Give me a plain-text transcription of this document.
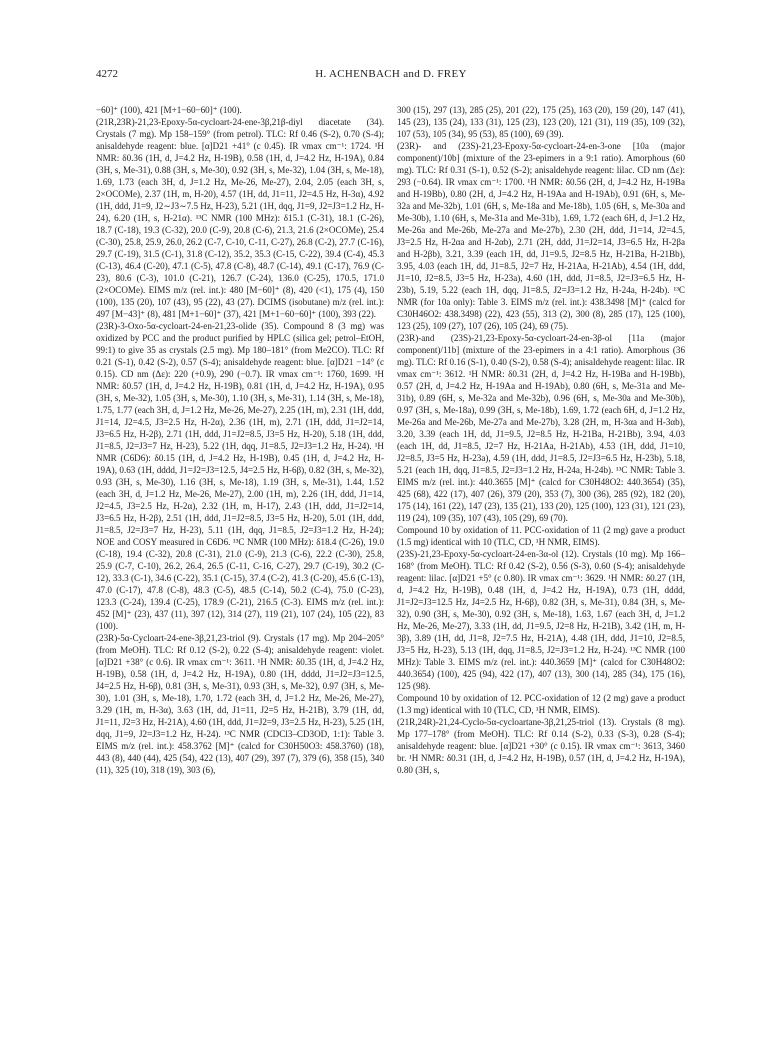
4272	H. ACHENBACH and D. FREY

−60]⁺ (100), 421 [M+1−60−60]⁺ (100).

(21R,23R)-21,23-Epoxy-5α-cycloart-24-ene-3β,21β-diyl diacetate (34). Crystals (7 mg). Mp 158–159° (from petrol). TLC: Rf 0.46 (S-2), 0.70 (S-4); anisaldehyde reagent: blue. [α]D21 +41° (c 0.45). IR νmax cm⁻¹: 1724. ¹H NMR: δ0.36 (1H, d, J=4.2 Hz, H-19B), 0.58 (1H, d, J=4.2 Hz, H-19A), 0.84 (3H, s, Me-31), 0.88 (3H, s, Me-30), 0.92 (3H, s, Me-32), 1.04 (3H, s, Me-18), 1.69, 1.73 (each 3H, d, J=1.2 Hz, Me-26, Me-27), 2.04, 2.05 (each 3H, s, 2×OCOMe), 2.37 (1H, m, H-20), 4.57 (1H, dd, J1=11, J2=4.5 Hz, H-3α), 4.92 (1H, ddd, J1=9, J2∼J3∼7.5 Hz, H-23), 5.21 (1H, dqq, J1=9, J2=J3=1.2 Hz, H-24), 6.20 (1H, s, H-21α). ¹³C NMR (100 MHz): δ15.1 (C-31), 18.1 (C-26), 18.7 (C-18), 19.3 (C-32), 20.0 (C-9), 20.8 (C-6), 21.3, 21.6 (2×OCOMe), 25.4 (C-30), 25.8, 25.9, 26.0, 26.2 (C-7, C-10, C-11, C-27), 26.8 (C-2), 27.7 (C-16), 29.7 (C-19), 31.5 (C-1), 31.8 (C-12), 35.2, 35.3 (C-15, C-22), 39.4 (C-4), 45.3 (C-13), 46.4 (C-20), 47.1 (C-5), 47.8 (C-8), 48.7 (C-14), 49.1 (C-17), 76.9 (C-23), 80.6 (C-3), 101.0 (C-21), 126.7 (C-24), 136.0 (C-25), 170.5, 171.0 (2×OCOMe). EIMS m/z (rel. int.): 480 [M−60]⁺ (8), 420 (<1), 175 (4), 150 (100), 135 (20), 107 (43), 95 (22), 43 (27). DCIMS (isobutane) m/z (rel. int.): 497 [M−43]⁺ (8), 481 [M+1−60]⁺ (37), 421 [M+1−60−60]⁺ (100), 393 (22).

(23R)-3-Oxo-5α-cycloart-24-en-21,23-olide (35). Compound 8 (3 mg) was oxidized by PCC and the product purified by HPLC (silica gel; petrol–EtOH, 99:1) to give 35 as crystals (2.5 mg). Mp 180–181° (from Me2CO). TLC: Rf 0.21 (S-1), 0.42 (S-2), 0.57 (S-4); anisaldehyde reagent: blue. [α]D21 −14° (c 0.15). CD nm (Δε): 220 (+0.9), 290 (−0.7). IR νmax cm⁻¹: 1760, 1699. ¹H NMR: δ0.57 (1H, d, J=4.2 Hz, H-19B), 0.81 (1H, d, J=4.2 Hz, H-19A), 0.95 (3H, s, Me-32), 1.05 (3H, s, Me-30), 1.10 (3H, s, Me-31), 1.14 (3H, s, Me-18), 1.75, 1.77 (each 3H, d, J=1.2 Hz, Me-26, Me-27), 2.25 (1H, m), 2.31 (1H, ddd, J1=14, J2=4.5, J3=2.5 Hz, H-2α), 2.36 (1H, m), 2.71 (1H, ddd, J1=J2=14, J3=6.5 Hz, H-2β), 2.71 (1H, ddd, J1=J2=8.5, J3=5 Hz, H-20), 5.18 (1H, ddd, J1=8.5, J2=J3=7 Hz, H-23), 5.22 (1H, dqq, J1=8.5, J2=J3=1.2 Hz, H-24). ¹H NMR (C6D6): δ0.15 (1H, d, J=4.2 Hz, H-19B), 0.45 (1H, d, J=4.2 Hz, H-19A), 0.63 (1H, dddd, J1=J2=J3=12.5, J4=2.5 Hz, H-6β), 0.82 (3H, s, Me-32), 0.93 (3H, s, Me-30), 1.16 (3H, s, Me-18), 1.19 (3H, s, Me-31), 1.44, 1.52 (each 3H, d, J=1.2 Hz, Me-26, Me-27), 2.00 (1H, m), 2.26 (1H, ddd, J1=14, J2=4.5, J3=2.5 Hz, H-2α), 2.32 (1H, m, H-17), 2.43 (1H, ddd, J1=J2=14, J3=6.5 Hz, H-2β), 2.51 (1H, ddd, J1=J2=8.5, J3=5 Hz, H-20), 5.01 (1H, ddd, J1=8.5, J2=J3=7 Hz, H-23), 5.11 (1H, dqq, J1=8.5, J2=J3=1.2 Hz, H-24); NOE and COSY measured in C6D6. ¹³C NMR (100 MHz): δ18.4 (C-26), 19.0 (C-18), 19.4 (C-32), 20.8 (C-31), 21.0 (C-9), 21.3 (C-6), 22.2 (C-30), 25.8, 25.9 (C-7, C-10), 26.2, 26.4, 26.5 (C-11, C-16, C-27), 29.7 (C-19), 30.2 (C-12), 33.3 (C-1), 34.6 (C-22), 35.1 (C-15), 37.4 (C-2), 41.3 (C-20), 45.6 (C-13), 47.0 (C-17), 47.8 (C-8), 48.3 (C-5), 48.5 (C-14), 50.2 (C-4), 75.0 (C-23), 123.3 (C-24), 139.4 (C-25), 178.9 (C-21), 216.5 (C-3). EIMS m/z (rel. int.): 452 [M]⁺ (23), 437 (11), 397 (12), 314 (27), 119 (21), 107 (24), 105 (22), 83 (100).

(23R)-5α-Cycloart-24-ene-3β,21,23-triol (9). Crystals (17 mg). Mp 204–205° (from MeOH). TLC: Rf 0.12 (S-2), 0.22 (S-4); anisaldehyde reagent: violet. [α]D21 +38° (c 0.6). IR νmax cm⁻¹: 3611. ¹H NMR: δ0.35 (1H, d, J=4.2 Hz, H-19B), 0.58 (1H, d, J=4.2 Hz, H-19A), 0.80 (1H, dddd, J1=J2=J3=12.5, J4=2.5 Hz, H-6β), 0.81 (3H, s, Me-31), 0.93 (3H, s, Me-32), 0.97 (3H, s, Me-30), 1.01 (3H, s, Me-18), 1.70, 1.72 (each 3H, d, J=1.2 Hz, Me-26, Me-27), 3.29 (1H, m, H-3α), 3.63 (1H, dd, J1=11, J2=5 Hz, H-21B), 3.79 (1H, dd, J1=11, J2=3 Hz, H-21A), 4.60 (1H, ddd, J1=J2=9, J3=2.5 Hz, H-23), 5.25 (1H, dqq, J1=9, J2=J3=1.2 Hz, H-24). ¹³C NMR (CDCl3–CD3OD, 1:1): Table 3. EIMS m/z (rel. int.): 458.3762 [M]⁺ (calcd for C30H50O3: 458.3760) (18), 443 (8), 440 (44), 425 (54), 422 (13), 407 (29), 397 (7), 379 (6), 358 (15), 340 (11), 325 (10), 318 (19), 303 (6),

300 (15), 297 (13), 285 (25), 201 (22), 175 (25), 163 (20), 159 (20), 147 (41), 145 (23), 135 (24), 133 (31), 125 (23), 123 (20), 121 (31), 119 (35), 109 (32), 107 (53), 105 (34), 95 (53), 85 (100), 69 (39).

(23R)- and (23S)-21,23-Epoxy-5α-cycloart-24-en-3-one [10a (major component)/10b] (mixture of the 23-epimers in a 9:1 ratio). Amorphous (60 mg). TLC: Rf 0.31 (S-1), 0.52 (S-2); anisaldehyde reagent: lilac. CD nm (Δε): 293 (−0.64). IR νmax cm⁻¹: 1700. ¹H NMR: δ0.56 (2H, d, J=4.2 Hz, H-19Ba and H-19Bb), 0.80 (2H, d, J=4.2 Hz, H-19Aa and H-19Ab), 0.91 (6H, s, Me-32a and Me-32b), 1.01 (6H, s, Me-18a and Me-18b), 1.05 (6H, s, Me-30a and Me-30b), 1.10 (6H, s, Me-31a and Me-31b), 1.69, 1.72 (each 6H, d, J=1.2 Hz, Me-26a and Me-26b, Me-27a and Me-27b), 2.30 (2H, ddd, J1=14, J2=4.5, J3=2.5 Hz, H-2αa and H-2αb), 2.71 (2H, ddd, J1=J2=14, J3=6.5 Hz, H-2βa and H-2βb), 3.21, 3.39 (each 1H, dd, J1=9.5, J2=8.5 Hz, H-21Ba, H-21Bb), 3.95, 4.03 (each 1H, dd, J1=8.5, J2=7 Hz, H-21Aa, H-21Ab), 4.54 (1H, ddd, J1=10, J2=8.5, J3=5 Hz, H-23a), 4.60 (1H, ddd, J1=8.5, J2=J3=6.5 Hz, H-23b), 5.19, 5.22 (each 1H, dqq, J1=8.5, J2=J3=1.2 Hz, H-24a, H-24b). ¹³C NMR (for 10a only): Table 3. EIMS m/z (rel. int.): 438.3498 [M]⁺ (calcd for C30H46O2: 438.3498) (22), 423 (55), 313 (2), 300 (8), 285 (17), 125 (100), 123 (25), 109 (27), 107 (26), 105 (24), 69 (75).

(23R)-and (23S)-21,23-Epoxy-5α-cycloart-24-en-3β-ol [11a (major component)/11b] (mixture of the 23-epimers in a 4:1 ratio). Amorphous (36 mg). TLC: Rf 0.16 (S-1), 0.40 (S-2), 0.58 (S-4); anisaldehyde reagent: lilac. IR νmax cm⁻¹: 3612. ¹H NMR: δ0.31 (2H, d, J=4.2 Hz, H-19Ba and H-19Bb), 0.57 (2H, d, J=4.2 Hz, H-19Aa and H-19Ab), 0.80 (6H, s, Me-31a and Me-31b), 0.89 (6H, s, Me-32a and Me-32b), 0.96 (6H, s, Me-30a and Me-30b), 0.97 (3H, s, Me-18a), 0.99 (3H, s, Me-18b), 1.69, 1.72 (each 6H, d, J=1.2 Hz, Me-26a and Me-26b, Me-27a and Me-27b), 3.28 (2H, m, H-3αa and H-3αb), 3.20, 3.39 (each 1H, dd, J1=9.5, J2=8.5 Hz, H-21Ba, H-21Bb), 3.94, 4.03 (each 1H, dd, J1=8.5, J2=7 Hz, H-21Aa, H-21Ab), 4.53 (1H, ddd, J1=10, J2=8.5, J3=5 Hz, H-23a), 4.59 (1H, ddd, J1=8.5, J2=J3=6.5 Hz, H-23b), 5.18, 5.21 (each 1H, dqq, J1=8.5, J2=J3=1.2 Hz, H-24a, H-24b). ¹³C NMR: Table 3. EIMS m/z (rel. int.): 440.3655 [M]⁺ (calcd for C30H48O2: 440.3654) (35), 425 (68), 422 (17), 407 (26), 379 (20), 353 (7), 300 (36), 285 (92), 182 (20), 175 (14), 161 (22), 147 (23), 135 (21), 133 (20), 125 (100), 123 (31), 121 (23), 119 (24), 109 (35), 107 (43), 105 (29), 69 (70).

Compound 10 by oxidation of 11. PCC-oxidation of 11 (2 mg) gave a product (1.5 mg) identical with 10 (TLC, CD, ¹H NMR, EIMS).

(23S)-21,23-Epoxy-5α-cycloart-24-en-3α-ol (12). Crystals (10 mg). Mp 166–168° (from MeOH). TLC: Rf 0.42 (S-2), 0.56 (S-3), 0.60 (S-4); anisaldehyde reagent: lilac. [α]D21 +5° (c 0.80). IR νmax cm⁻¹: 3629. ¹H NMR: δ0.27 (1H, d, J=4.2 Hz, H-19B), 0.48 (1H, d, J=4.2 Hz, H-19A), 0.73 (1H, dddd, J1=J2=J3=12.5 Hz, J4=2.5 Hz, H-6β), 0.82 (3H, s, Me-31), 0.84 (3H, s, Me-32), 0.90 (3H, s, Me-30), 0.92 (3H, s, Me-18), 1.63, 1.67 (each 3H, d, J=1.2 Hz, Me-26, Me-27), 3.33 (1H, dd, J1=9.5, J2=8 Hz, H-21B), 3.42 (1H, m, H-3β), 3.89 (1H, dd, J1=8, J2=7.5 Hz, H-21A), 4.48 (1H, ddd, J1=10, J2=8.5, J3=5 Hz, H-23), 5.13 (1H, dqq, J1=8.5, J2=J3=1.2 Hz, H-24). ¹³C NMR (100 MHz): Table 3. EIMS m/z (rel. int.): 440.3659 [M]⁺ (calcd for C30H48O2: 440.3654) (100), 425 (94), 422 (17), 407 (13), 300 (14), 285 (34), 175 (16), 125 (98).

Compound 10 by oxidation of 12. PCC-oxidation of 12 (2 mg) gave a product (1.3 mg) identical with 10 (TLC, CD, ¹H NMR, EIMS).

(21R,24R)-21,24-Cyclo-5α-cycloartane-3β,21,25-triol (13). Crystals (8 mg). Mp 177–178° (from MeOH). TLC: Rf 0.14 (S-2), 0.33 (S-3), 0.28 (S-4); anisaldehyde reagent: blue. [α]D21 +30° (c 0.15). IR νmax cm⁻¹: 3613, 3460 br. ¹H NMR: δ0.31 (1H, d, J=4.2 Hz, H-19B), 0.57 (1H, d, J=4.2 Hz, H-19A), 0.80 (3H, s,
